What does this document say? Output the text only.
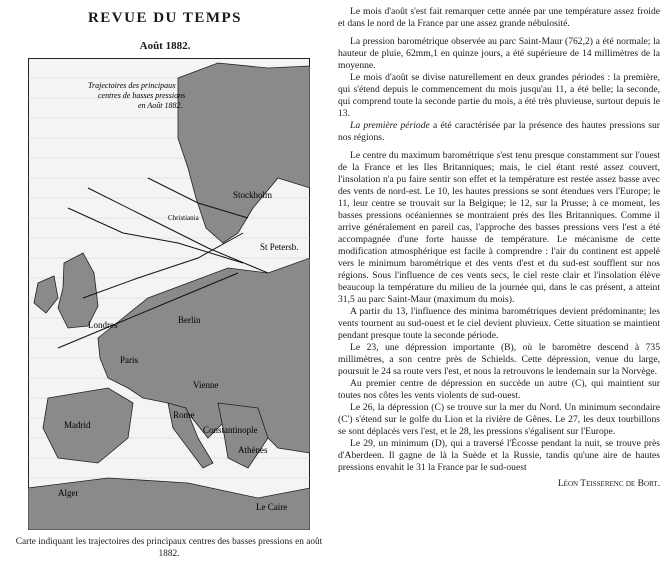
REVUE DU TEMPS
Août 1882.
Trajectoires des principaux centres de basses pressions en Août 1882.
Londres
Paris
Berlin
Vienne
Madrid
Rome
Constantinople
Athènes
Le Caire
Stockholm
St Petersb.
Christiania
Alger
Carte indiquant les trajectoires des principaux centres des basses pressions en août 1882.

Le mois d'août s'est fait remarquer cette année par une température assez froide et dans le nord de la France par une assez grande nébulosité.

La pression barométrique observée au parc Saint-Maur (762,2) a été normale; la hauteur de pluie, 62mm,1 en quinze jours, a été supérieure de 14 millimètres de la moyenne.

Le mois d'août se divise naturellement en deux grandes périodes : la première, qui s'étend depuis le commencement du mois jusqu'au 11, a été belle; la seconde, qui comprend toute la seconde partie du mois, a été très pluvieuse, surtout depuis le 13.

La première période a été caractérisée par la présence des hautes pressions sur nos régions.

Le centre du maximum barométrique s'est tenu presque constamment sur l'ouest de la France et les Iles Britanniques; mais, le ciel étant resté assez couvert, l'insolation n'a pu faire sentir son effet et la température est restée assez basse avec des vents de nord-est. Le 10, les hautes pressions se sont étendues vers l'Europe; le 11, leur centre se trouvait sur la Belgique; le 12, sur la Prusse; à ce moment, les basses pressions océaniennes se montraient près des Iles Britanniques. Comme il arrive généralement en pareil cas, l'approche des basses pressions vers l'est a été accompagnée d'une forte hausse de température. Le mécanisme de cette modification atmosphérique est facile à comprendre : l'air du continent est appelé vers le minimum barométrique et des vents d'est et du sud-est soufflent sur nos régions. Sous l'influence de ces vents secs, le ciel reste clair et l'insolation élève beaucoup la température du milieu de la journée qui, dans le cas présent, a atteint 31,5 au parc Saint-Maur (maximum du mois).

A partir du 13, l'influence des minima barométriques devient prédominante; les vents tournent au sud-ouest et le ciel devient pluvieux. Cette situation se maintient pendant presque toute la seconde période.

Le 23, une dépression importante (B), où le baromètre descend à 735 millimètres, a son centre près de Schields. Cette dépression, venue du large, poursuit le 24 sa route vers l'est, et nous la retrouvons le lendemain sur la Norvège.

Au premier centre de dépression en succède un autre (C), qui maintient sur toutes nos côtes les vents violents de sud-ouest.

Le 26, la dépression (C) se trouve sur la mer du Nord. Un minimum secondaire (C') s'étend sur le golfe du Lion et la rivière de Gênes. Le 27, les deux tourbillons se sont déplacés vers l'est, et le 28, les pressions s'égalisent sur l'Europe.

Le 29, un minimum (D), qui a traversé l'Écosse pendant la nuit, se trouve près d'Aberdeen. Il gagne de là la Suède et la Russie, tandis qu'une aire de hautes pressions envahit le 31 la France par le sud-ouest

Léon Teisserenc de Bort.
